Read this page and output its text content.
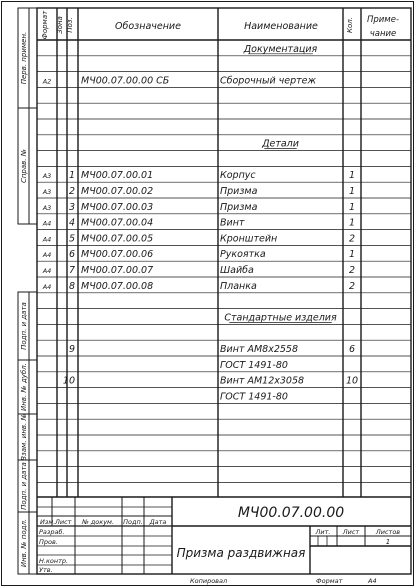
Перв. примен.
Справ. №
Подп. и дата
Инв. № дубл.
Взам. инв. №
Подп. и дата
Инв. № подл.
Формат Зона Поз.	Обозначение	Наименование	Кол. Приме-
чание
Документация
A2	МЧ00.07.00.00 СБ	Сборочный чертеж
Детали
A3 1 МЧ00.07.00.01	Корпус	1
A3 2 МЧ00.07.00.02	Призма	1
A3 3 МЧ00.07.00.03	Призма	1
A4 4 МЧ00.07.00.04	Винт	1
A4 5 МЧ00.07.00.05	Кронштейн	2
A4 6 МЧ00.07.00.06	Рукоятка	1
A4 7 МЧ00.07.00.07	Шайба	2
A4 8 МЧ00.07.00.08	Планка	2
Стандартные изделия
9	Винт АМ8х2558	6
ГОСТ 1491-80
10	Винт АМ12х3058	10
ГОСТ 1491-80
Изм. Лист № докум. Подп. Дата
Разраб.
Пров.
Н.контр.
Утв.
МЧ00.07.00.00
Призма раздвижная
Лит. Лист	Листов
1
Копировал	Формат	А4
